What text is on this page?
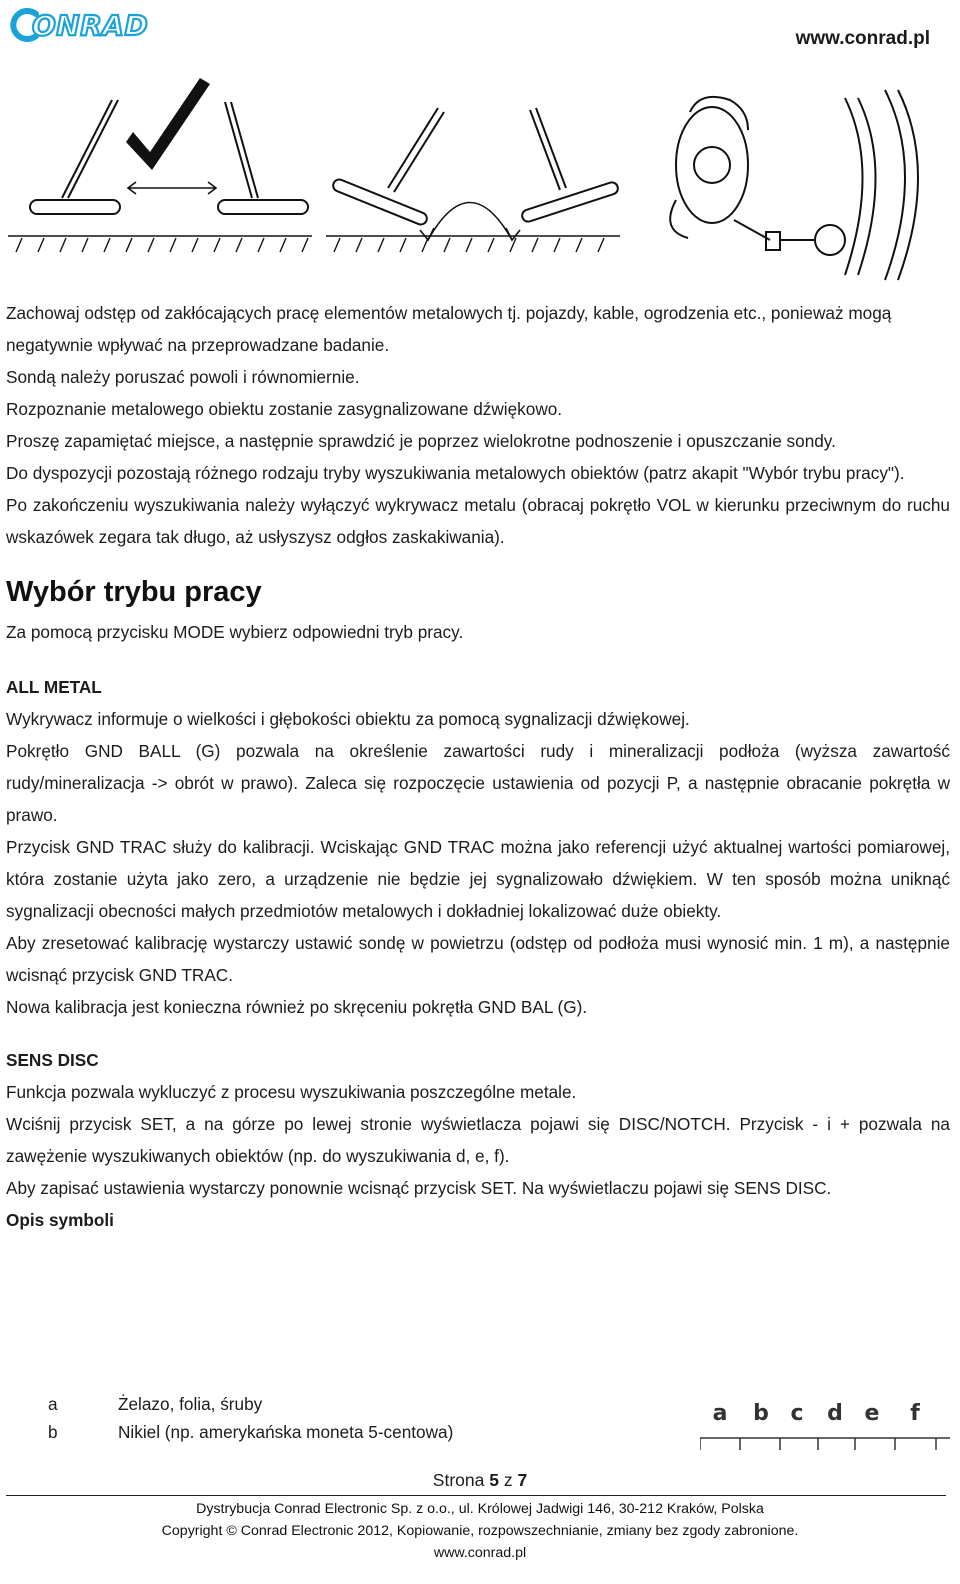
ONRAD	www.conrad.pl

Zachowaj odstęp od zakłócających pracę elementów metalowych tj. pojazdy, kable, ogrodzenia etc., ponieważ mogą negatywnie wpływać na przeprowadzane badanie.

Sondą należy poruszać powoli i równomiernie.

Rozpoznanie metalowego obiektu zostanie zasygnalizowane dźwiękowo.

Proszę zapamiętać miejsce, a następnie sprawdzić je poprzez wielokrotne podnoszenie i opuszczanie sondy.

Do dyspozycji pozostają różnego rodzaju tryby wyszukiwania metalowych obiektów (patrz akapit "Wybór trybu pracy").

Po zakończeniu wyszukiwania należy wyłączyć wykrywacz metalu (obracaj pokrętło VOL w kierunku przeciwnym do ruchu wskazówek zegara tak długo, aż usłyszysz odgłos zaskakiwania).

Wybór trybu pracy

Za pomocą przycisku MODE wybierz odpowiedni tryb pracy.

ALL METAL

Wykrywacz informuje o wielkości i głębokości obiektu za pomocą sygnalizacji dźwiękowej.

Pokrętło GND BALL (G) pozwala na określenie zawartości rudy i mineralizacji podłoża (wyższa zawartość rudy/mineralizacja -> obrót w prawo). Zaleca się rozpoczęcie ustawienia od pozycji P, a następnie obracanie pokrętła w prawo.

Przycisk GND TRAC służy do kalibracji. Wciskając GND TRAC można jako referencji użyć aktualnej wartości pomiarowej, która zostanie użyta jako zero, a urządzenie nie będzie jej sygnalizowało dźwiękiem. W ten sposób można uniknąć sygnalizacji obecności małych przedmiotów metalowych i dokładniej lokalizować duże obiekty.

Aby zresetować kalibrację wystarczy ustawić sondę w powietrzu (odstęp od podłoża musi wynosić min. 1 m), a następnie wcisnąć przycisk GND TRAC.

Nowa kalibracja jest konieczna również po skręceniu pokrętła GND BAL (G).

SENS DISC

Funkcja pozwala wykluczyć z procesu wyszukiwania poszczególne metale.

Wciśnij przycisk SET, a na górze po lewej stronie wyświetlacza pojawi się DISC/NOTCH. Przycisk - i + pozwala na zawężenie wyszukiwanych obiektów (np. do wyszukiwania d, e, f).

Aby zapisać ustawienia wystarczy ponownie wcisnąć przycisk SET. Na wyświetlaczu pojawi się SENS DISC.

Opis symboli

a	Żelazo, folia, śruby
b	Nikiel (np. amerykańska moneta 5-centowa)
a b c d e f
Strona 5 z 7
Dystrybucja Conrad Electronic Sp. z o.o., ul. Królowej Jadwigi 146, 30-212 Kraków, Polska
Copyright © Conrad Electronic 2012, Kopiowanie, rozpowszechnianie, zmiany bez zgody zabronione.
www.conrad.pl
